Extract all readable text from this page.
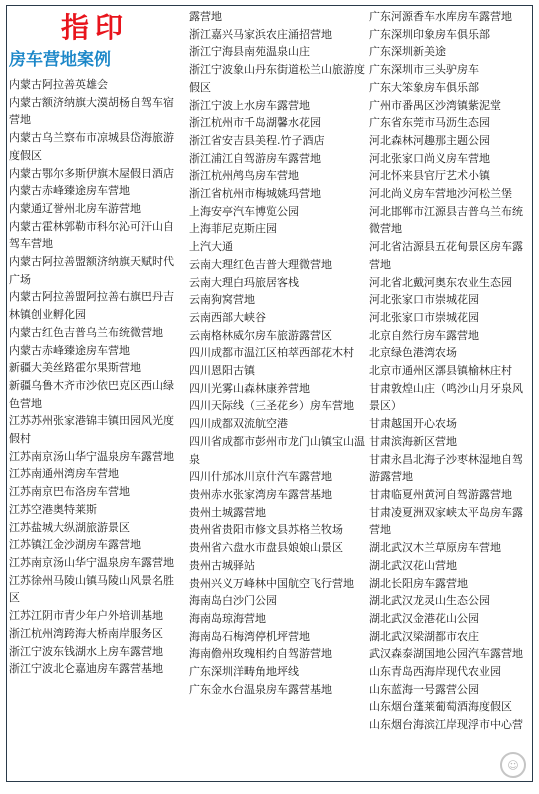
指印
房车营地案例
内蒙古阿拉善英雄会
内蒙古额济纳旗大漠胡杨自驾车宿营地
内蒙古乌兰察布市凉城县岱海旅游度假区
内蒙古鄂尔多斯伊旗木屋假日酒店
内蒙古赤峰臻途房车营地
内蒙通辽誉州北房车游营地
内蒙古霍林郭勒市科尔沁可汗山自驾车营地
内蒙古阿拉善盟额济纳旗天赋时代广场
内蒙古阿拉善盟阿拉善右旗巴丹吉林镇创业孵化园
内蒙古红色吉普乌兰布统微营地
内蒙古赤峰臻途房车营地
新疆大美丝路霍尔果斯营地
新疆乌鲁木齐市沙依巴克区西山绿色营地
江苏苏州张家港锦丰镇田园风光度假村
江苏南京汤山华宁温泉房车露营地
江苏南通州湾房车营地
江苏南京巴布洛房车营地
江苏空港奥特莱斯
江苏盐城大纵湖旅游景区
江苏镇江金沙湖房车露营地
江苏南京汤山华宁温泉房车露营地
江苏徐州马陵山镇马陵山风景名胜区
江苏江阴市青少年户外培训基地
浙江杭州湾跨海大桥南岸服务区
浙江宁波东钱湖水上房车露营地
浙江宁波北仑嘉迪房车露营基地
露营地
浙江嘉兴马家浜农庄涌招营地
浙江宁海县南苑温泉山庄
浙江宁波象山丹东街道松兰山旅游度假区
浙江宁波上水房车露营地
浙江杭州市千岛湖馨水花园
浙江省安吉县美程.竹子酒店
浙江浦江自驾游房车露营地
浙江杭州鸬鸟房车营地
浙江省杭州市梅城姚玛营地
上海安亭汽车博览公园
上海菲尼克斯庄园
上汽大通
云南大理红色吉普大理微营地
云南大理白玛旅居客栈
云南狗窝营地
云南西部大峡谷
云南格林威尔房车旅游露营区
四川成都市温江区柏萃西部花木村
四川恩阳古镇
四川光雾山森林康养营地
四川天际线（三圣花乡）房车营地
四川成都双流航空港
四川省成都市彭州市龙门山镇宝山温泉
四川什邡冰川京什汽车露营地
贵州赤水张家湾房车露营基地
贵州土城露营地
贵州省贵阳市修文县苏格兰牧场
贵州省六盘水市盘县娘娘山景区
贵州古城驿站
贵州兴义万峰林中国航空飞行营地
海南岛白沙门公园
海南岛琼海营地
海南岛石梅湾停机坪营地
海南儋州玫瑰相约自驾游营地
广东深圳洋畴角地坪线
广东金水台温泉房车露营基地
广东河源香车水库房车露营地
广东深圳印象房车俱乐部
广东深圳新美途
广东深圳市三头驴房车
广东大笨象房车俱乐部
广州市番禺区沙湾镇紫泥堂
广东省东莞市马沥生态园
河北森林河趣那主题公园
河北张家口尚义房车营地
河北怀来县官厅艺术小镇
河北尚义房车营地沙河松兰堡
河北邯郸市江源县吉普乌兰布统微营地
河北省沽源县五花甸景区房车露营地
河北省北戴河奥东农业生态园
河北张家口市崇城花园
河北张家口市崇城花园
北京自然行房车露营地
北京绿色港湾农场
北京市通州区漷县镇榆林庄村
甘肃敦煌山庄（鸣沙山月牙泉风景区）
甘肃越国开心农场
甘肃滨海新区营地
甘肃永昌北海子沙枣林湿地自驾游露营地
甘肃临夏州黄河自驾游露营地
甘肃凌夏洲双家峡太平岛房车露营地
湖北武汉木兰草原房车营地
湖北武汉花山营地
湖北长阳房车露营地
湖北武汉龙灵山生态公园
湖北武汉金港花山公园
湖北武汉梁湖都市农庄
武汉森泰湖国地公园汽车露营地
山东青岛西海岸现代农业园
山东蓝海一号露营公园
山东烟台蓬莱葡萄酒海度假区
山东烟台海滨江岸现浮市中心营
☺
